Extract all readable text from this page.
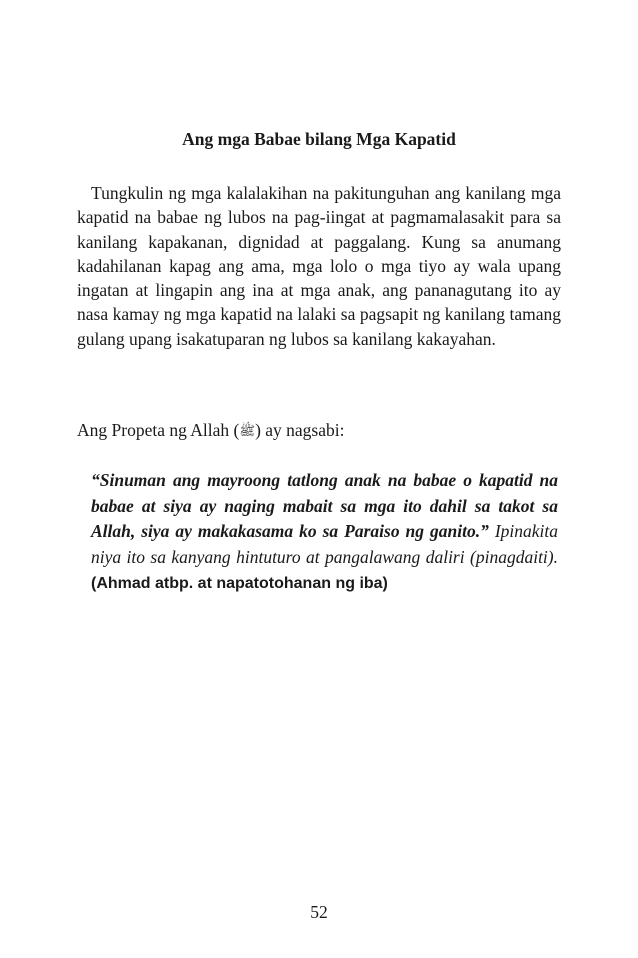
Ang mga Babae bilang Mga Kapatid

Tungkulin ng mga kalalakihan na pakitunguhan ang kanilang mga kapatid na babae ng lubos na pag-iingat at pagmamalasakit para sa kanilang kapakanan, dignidad at paggalang. Kung sa anumang kadahilanan kapag ang ama, mga lolo o mga tiyo ay wala upang ingatan at lingapin ang ina at mga anak, ang pananagutang ito ay nasa kamay ng mga kapatid na lalaki sa pagsapit ng kanilang tamang gulang upang isakatuparan ng lubos sa kanilang kakayahan.

Ang Propeta ng Allah (ﷺ) ay nagsabi:

“Sinuman ang mayroong tatlong anak na babae o kapatid na babae at siya ay naging mabait sa mga ito dahil sa takot sa Allah, siya ay makakasama ko sa Paraiso ng ganito.” Ipinakita niya ito sa kanyang hintuturo at pangalawang daliri (pinagdaiti). (Ahmad atbp. at napatotohanan ng iba)

52
